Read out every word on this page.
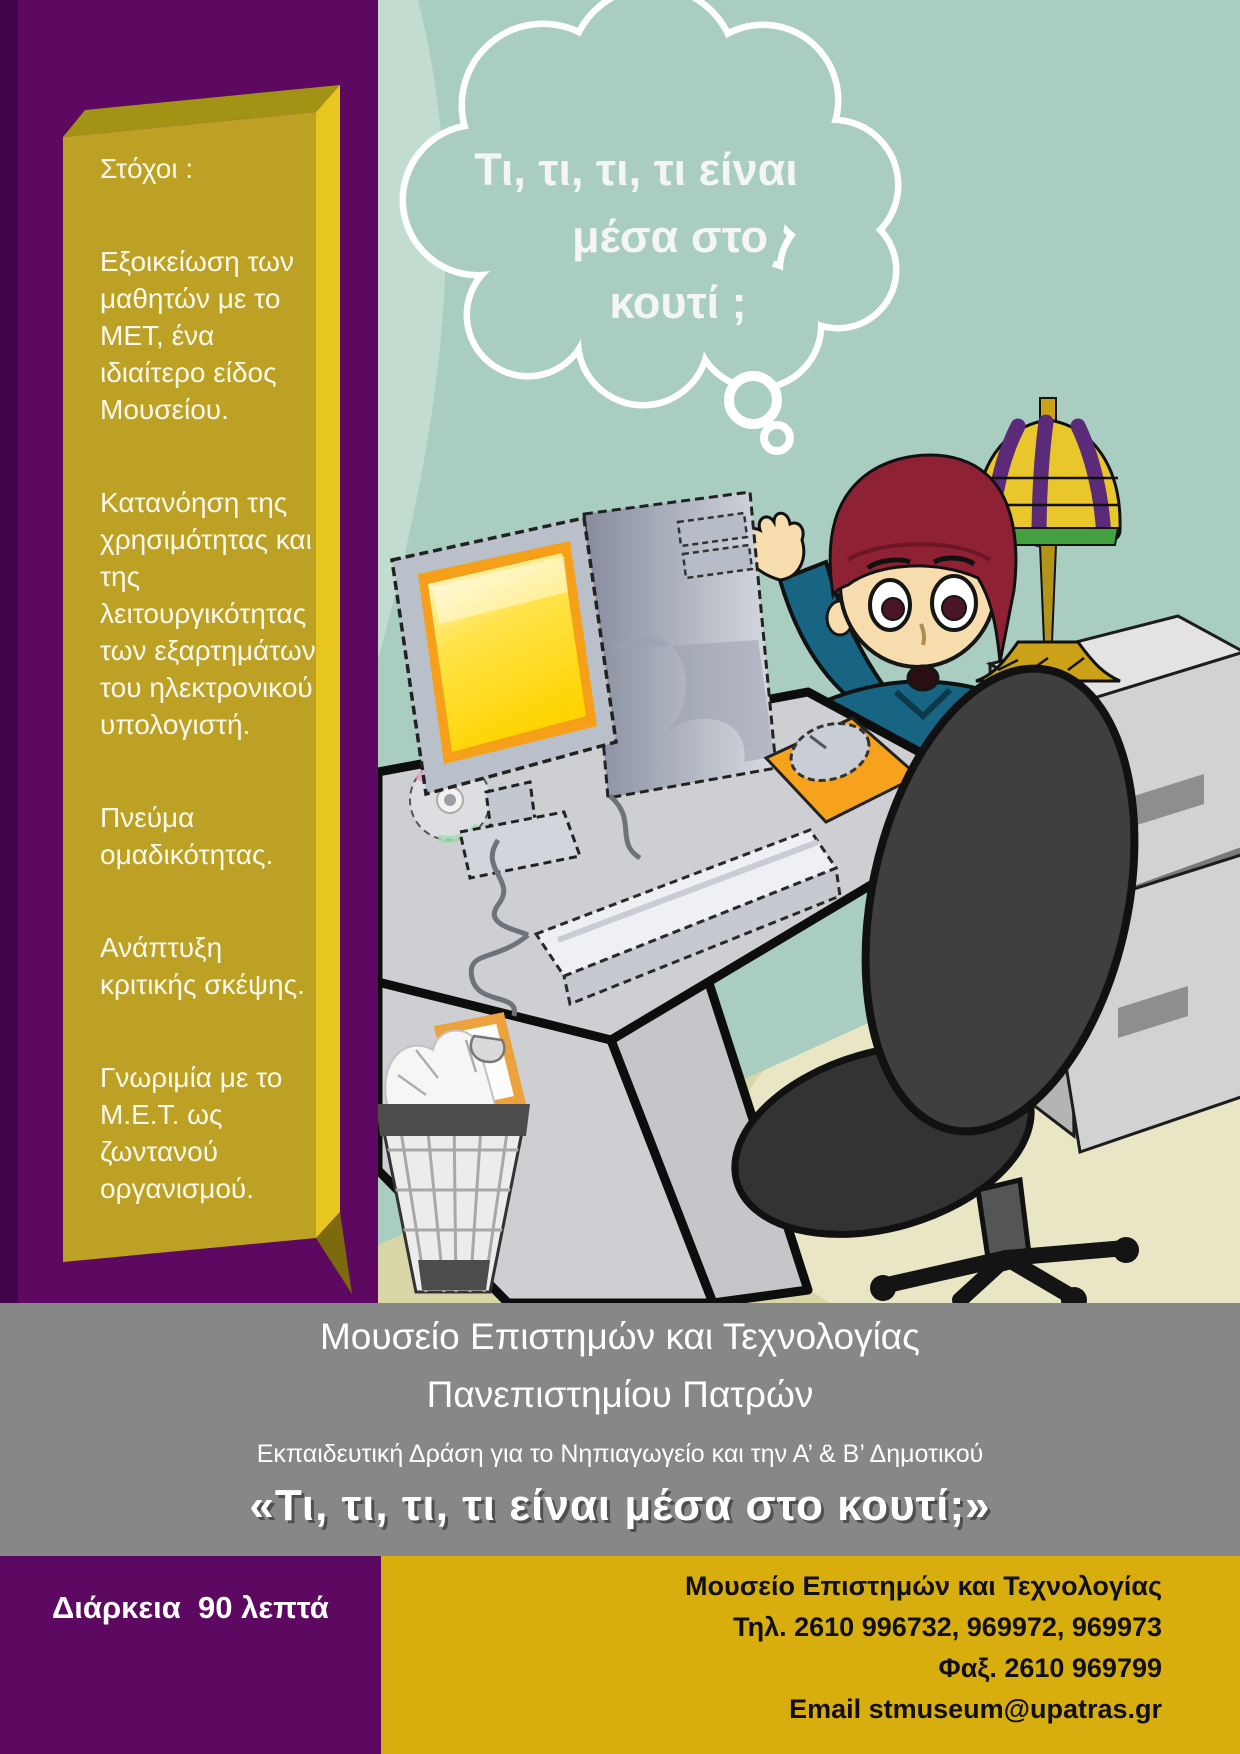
Στόχοι :

Εξοικείωση των μαθητών με το ΜΕΤ, ένα ιδιαίτερο είδος Μουσείου.

Κατανόηση της χρησιμότητας και της λειτουργικότητας των εξαρτημάτων του ηλεκτρονικού υπολογιστή.

Πνεύμα ομαδικότητας.

Ανάπτυξη κριτικής σκέψης.

Γνωριμία με το Μ.Ε.Τ. ως ζωντανού οργανισμού.

Τι, τι, τι, τι είναι
μέσα στο
κουτί ;
Μουσείο Επιστημών και Τεχνολογίας
Πανεπιστημίου Πατρών
Εκπαιδευτική Δράση για το Νηπιαγωγείο και την Α’ & Β’ Δημοτικού
«Τι, τι, τι, τι είναι μέσα στο κουτί;»
Διάρκεια  90 λεπτά
Μουσείο Επιστημών και Τεχνολογίας
Τηλ. 2610 996732, 969972, 969973
Φαξ. 2610 969799
Email stmuseum@upatras.gr
